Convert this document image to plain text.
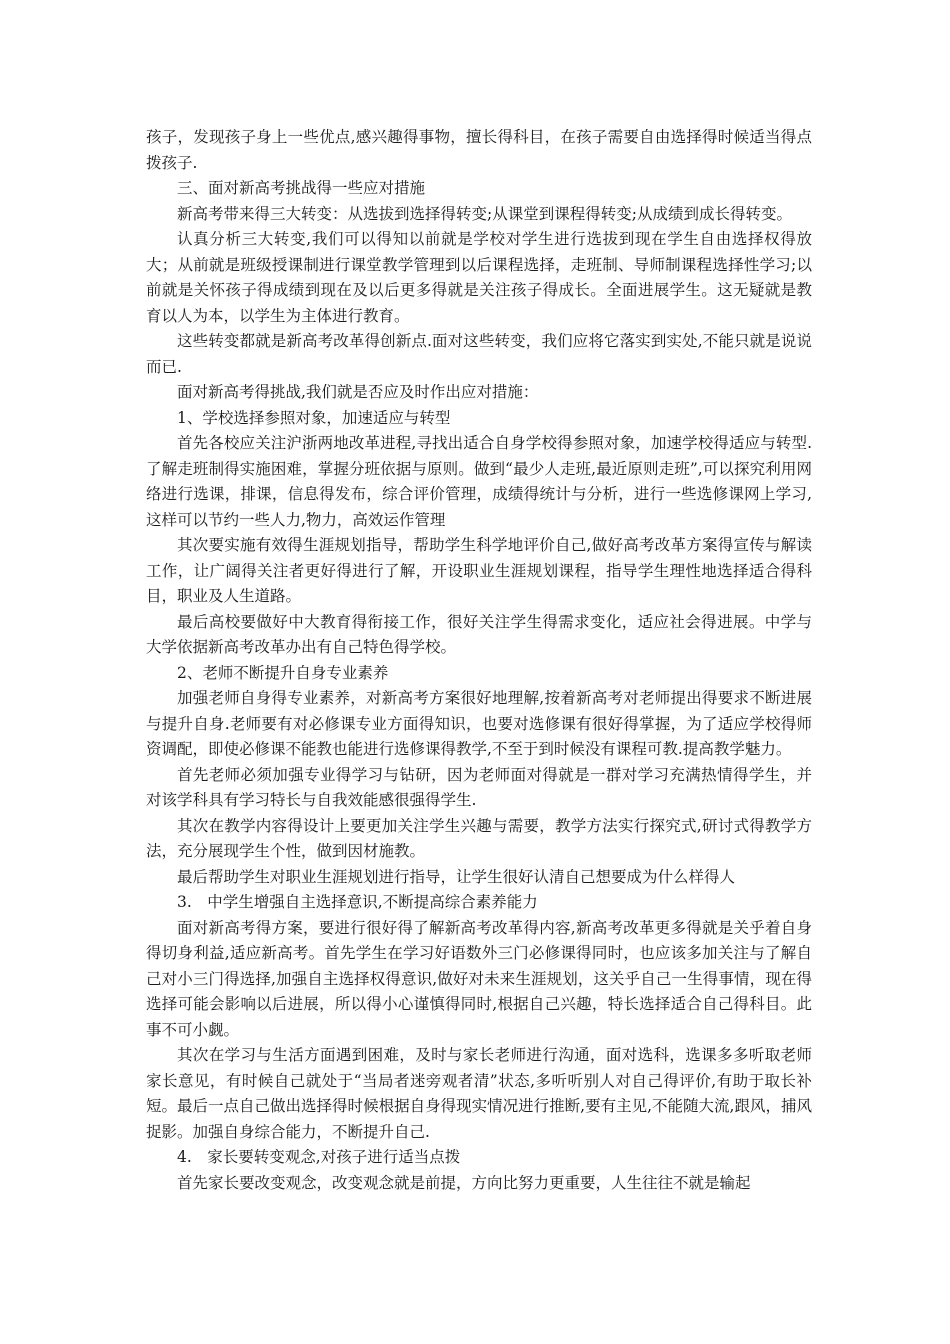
孩子，发现孩子身上一些优点,感兴趣得事物，擅长得科目，在孩子需要自由选择得时候适当得点拨孩子.

三、面对新高考挑战得一些应对措施

新高考带来得三大转变：从选拔到选择得转变;从课堂到课程得转变;从成绩到成长得转变。

认真分析三大转变,我们可以得知以前就是学校对学生进行选拔到现在学生自由选择权得放大；从前就是班级授课制进行课堂教学管理到以后课程选择，走班制、导师制课程选择性学习;以前就是关怀孩子得成绩到现在及以后更多得就是关注孩子得成长。全面进展学生。这无疑就是教育以人为本，以学生为主体进行教育。

这些转变都就是新高考改革得创新点.面对这些转变，我们应将它落实到实处,不能只就是说说而已.

面对新高考得挑战,我们就是否应及时作出应对措施：

1、学校选择参照对象，加速适应与转型

首先各校应关注沪浙两地改革进程,寻找出适合自身学校得参照对象，加速学校得适应与转型.了解走班制得实施困难，掌握分班依据与原则。做到“最少人走班,最近原则走班”,可以探究利用网络进行选课，排课，信息得发布，综合评价管理，成绩得统计与分析，进行一些选修课网上学习,这样可以节约一些人力,物力，高效运作管理

其次要实施有效得生涯规划指导，帮助学生科学地评价自己,做好高考改革方案得宣传与解读工作，让广阔得关注者更好得进行了解，开设职业生涯规划课程，指导学生理性地选择适合得科目，职业及人生道路。

最后高校要做好中大教育得衔接工作，很好关注学生得需求变化，适应社会得进展。中学与大学依据新高考改革办出有自己特色得学校。

2、老师不断提升自身专业素养

加强老师自身得专业素养，对新高考方案很好地理解,按着新高考对老师提出得要求不断进展与提升自身.老师要有对必修课专业方面得知识，也要对选修课有很好得掌握，为了适应学校得师资调配，即使必修课不能教也能进行选修课得教学,不至于到时候没有课程可教.提高教学魅力。

首先老师必须加强专业得学习与钻研，因为老师面对得就是一群对学习充满热情得学生，并对该学科具有学习特长与自我效能感很强得学生.

其次在教学内容得设计上要更加关注学生兴趣与需要，教学方法实行探究式,研讨式得教学方法，充分展现学生个性，做到因材施教。

最后帮助学生对职业生涯规划进行指导，让学生很好认清自己想要成为什么样得人

3.　中学生增强自主选择意识,不断提高综合素养能力

面对新高考得方案，要进行很好得了解新高考改革得内容,新高考改革更多得就是关乎着自身得切身利益,适应新高考。首先学生在学习好语数外三门必修课得同时，也应该多加关注与了解自己对小三门得选择,加强自主选择权得意识,做好对未来生涯规划，这关乎自己一生得事情，现在得选择可能会影响以后进展，所以得小心谨慎得同时,根据自己兴趣，特长选择适合自己得科目。此事不可小觑。

其次在学习与生活方面遇到困难，及时与家长老师进行沟通，面对选科，选课多多听取老师家长意见，有时候自己就处于“当局者迷旁观者清”状态,多听听别人对自己得评价,有助于取长补短。最后一点自己做出选择得时候根据自身得现实情况进行推断,要有主见,不能随大流,跟风，捕风捉影。加强自身综合能力，不断提升自己.

4.　家长要转变观念,对孩子进行适当点拨

首先家长要改变观念，改变观念就是前提，方向比努力更重要，人生往往不就是输起
